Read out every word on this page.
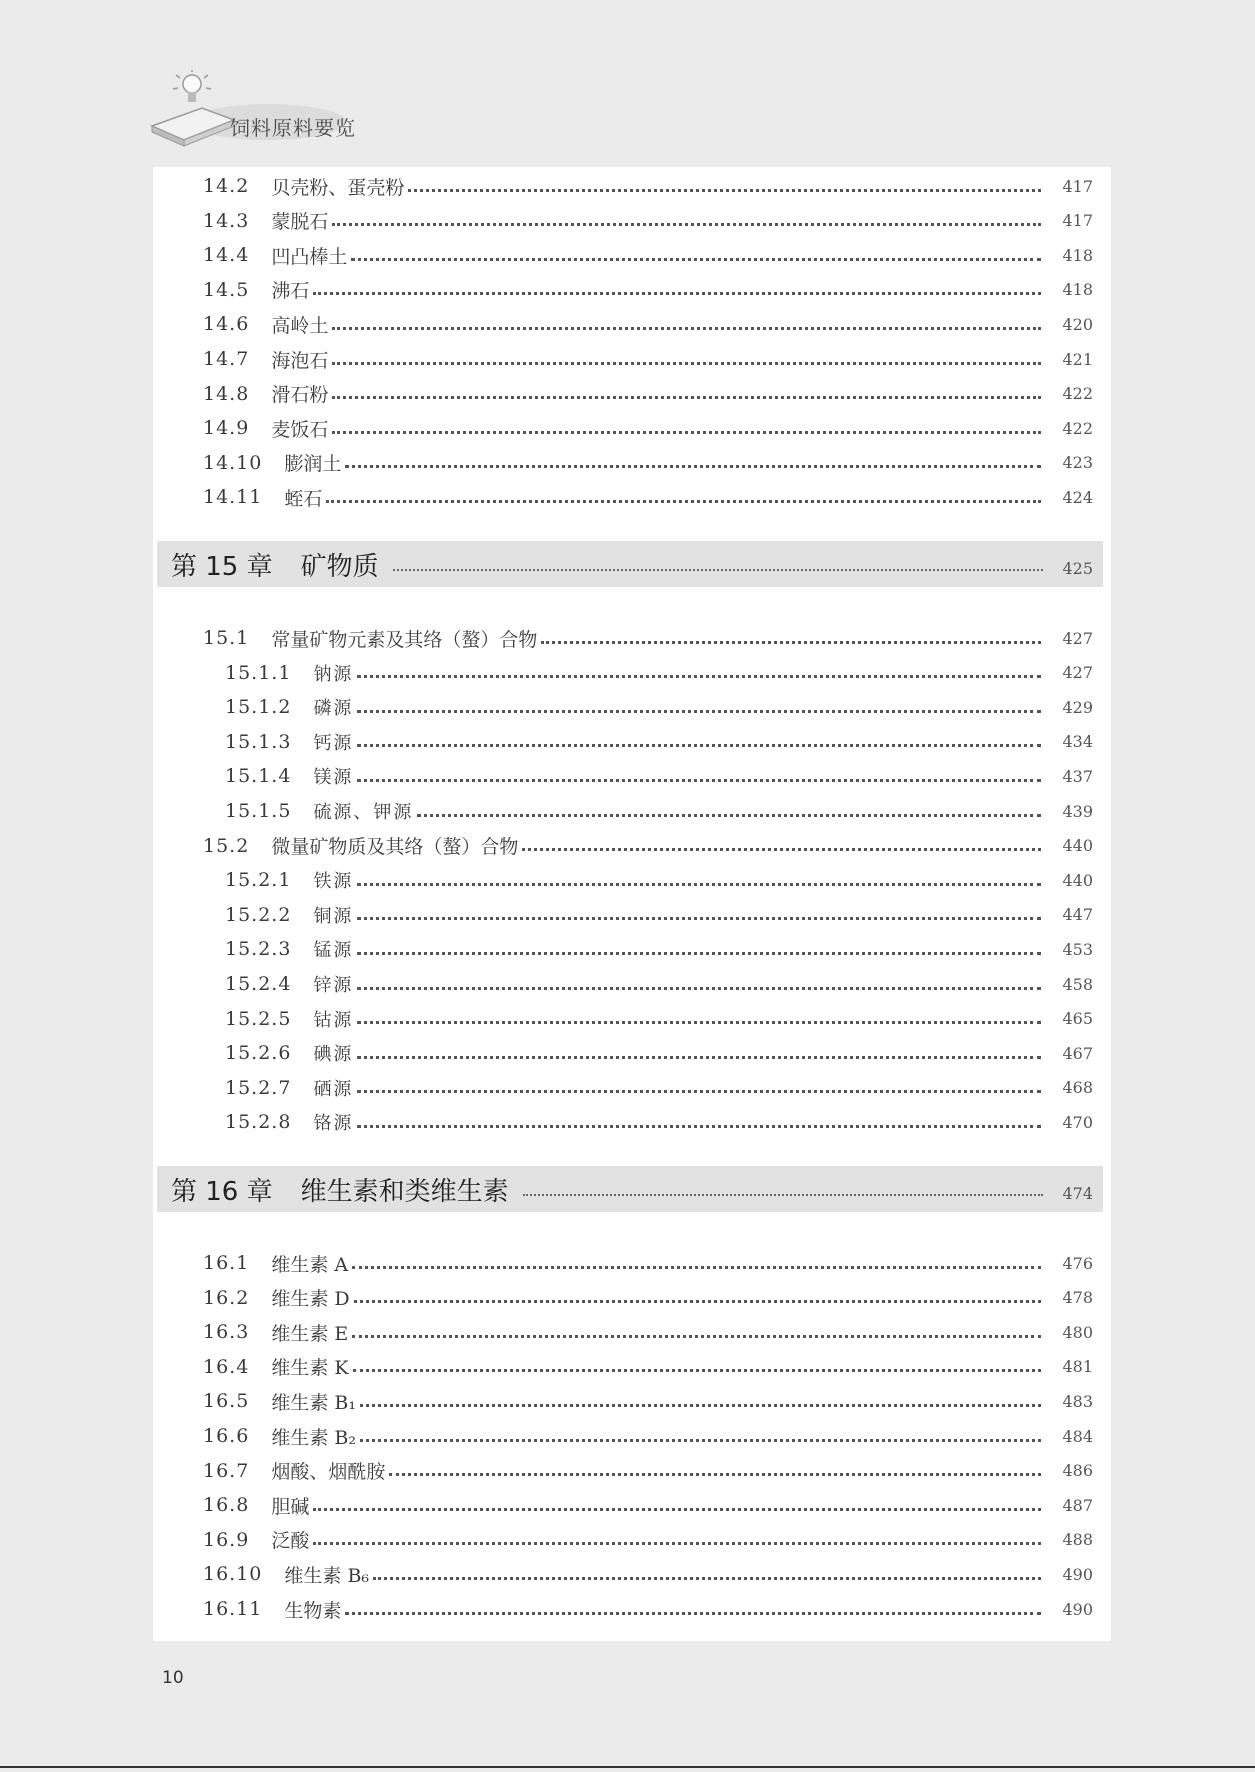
饲料原料要览
14.2 贝壳粉、蛋壳粉	417
14.3 蒙脱石	417
14.4 凹凸棒土	418
14.5 沸石	418
14.6 高岭土	420
14.7 海泡石	421
14.8 滑石粉	422
14.9 麦饭石	422
14.10 膨润土	423
14.11 蛭石	424
第 15 章 矿物质	425
15.1 常量矿物元素及其络（螯）合物	427
15.1.1 钠源	427
15.1.2 磷源	429
15.1.3 钙源	434
15.1.4 镁源	437
15.1.5 硫源、钾源	439
15.2 微量矿物质及其络（螯）合物	440
15.2.1 铁源	440
15.2.2 铜源	447
15.2.3 锰源	453
15.2.4 锌源	458
15.2.5 钴源	465
15.2.6 碘源	467
15.2.7 硒源	468
15.2.8 铬源	470
第 16 章 维生素和类维生素	474
16.1 维生素 A	476
16.2 维生素 D	478
16.3 维生素 E	480
16.4 维生素 K	481
16.5 维生素 B₁	483
16.6 维生素 B₂	484
16.7 烟酸、烟酰胺	486
16.8 胆碱	487
16.9 泛酸	488
16.10 维生素 B₆	490
16.11 生物素	490
10
